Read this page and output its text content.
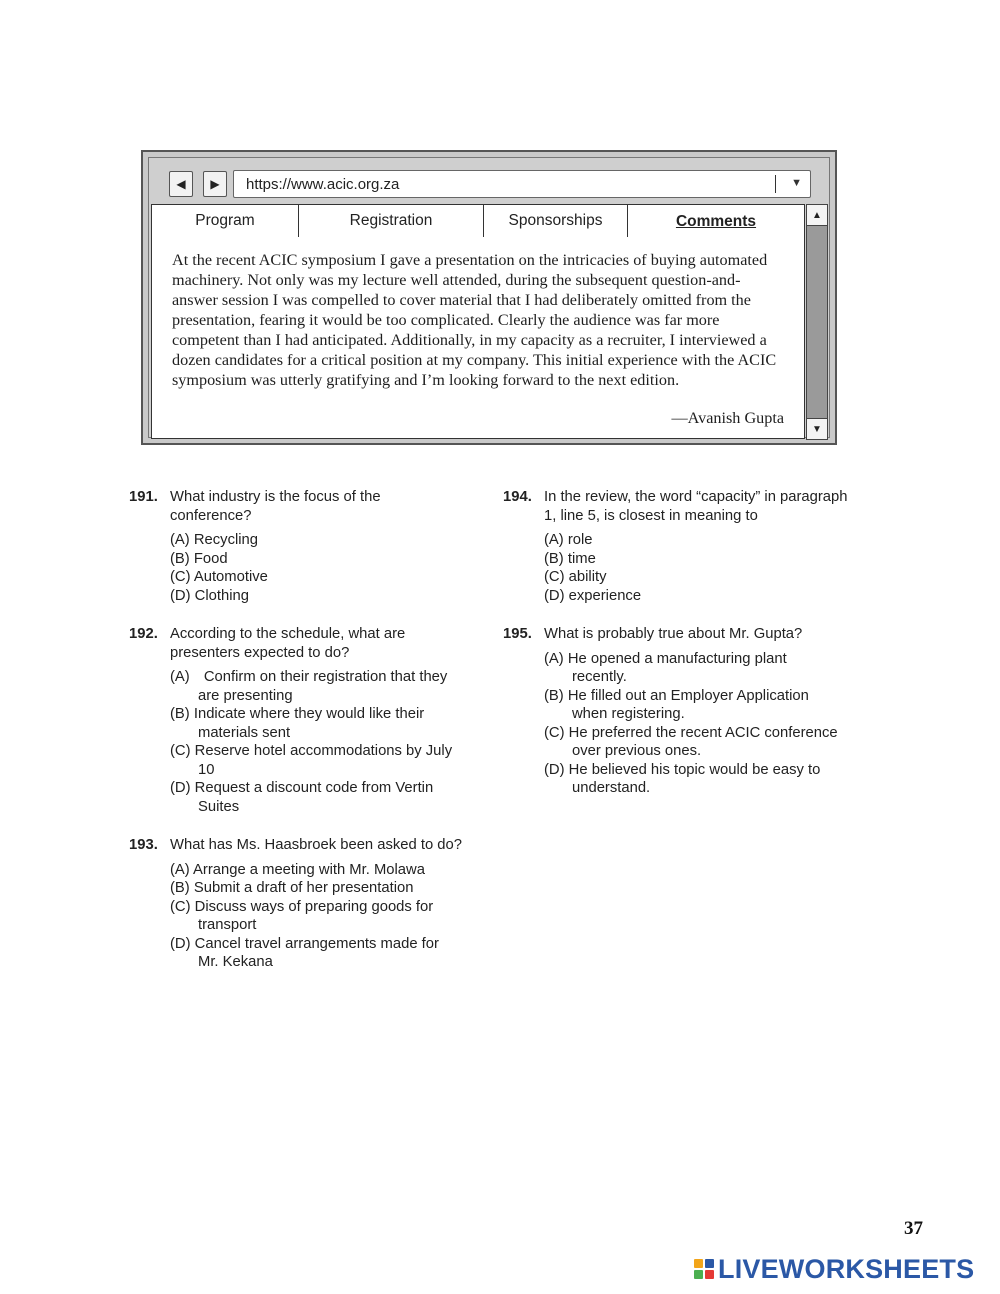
◀ ▶ https://www.acic.org.za	▼
Program	Registration	Sponsorships	Comments

At the recent ACIC symposium I gave a presentation on the intricacies of buying automated machinery. Not only was my lecture well attended, during the subsequent question-and-answer session I was compelled to cover material that I had deliberately omitted from the presentation, fearing it would be too complicated. Clearly the audience was far more competent than I had anticipated. Additionally, in my capacity as a recruiter, I interviewed a dozen candidates for a critical position at my company. This initial experience with the ACIC symposium was utterly gratifying and I’m looking forward to the next edition.

—Avanish Gupta
▲
▼
191. What industry is the focus of the conference?

(A) Recycling

(B) Food

(C) Automotive

(D) Clothing

192. According to the schedule, what are presenters expected to do?

(A) Confirm on their registration that they are presenting

(B) Indicate where they would like their materials sent

(C) Reserve hotel accommodations by July 10

(D) Request a discount code from Vertin Suites

193. What has Ms. Haasbroek been asked to do?

(A) Arrange a meeting with Mr. Molawa

(B) Submit a draft of her presentation

(C) Discuss ways of preparing goods for transport

(D) Cancel travel arrangements made for Mr. Kekana

194. In the review, the word “capacity” in paragraph 1, line 5, is closest in meaning to

(A) role

(B) time

(C) ability

(D) experience

195. What is probably true about Mr. Gupta?

(A) He opened a manufacturing plant recently.

(B) He filled out an Employer Application when registering.

(C) He preferred the recent ACIC conference over previous ones.

(D) He believed his topic would be easy to understand.

37
LIVEWORKSHEETS
